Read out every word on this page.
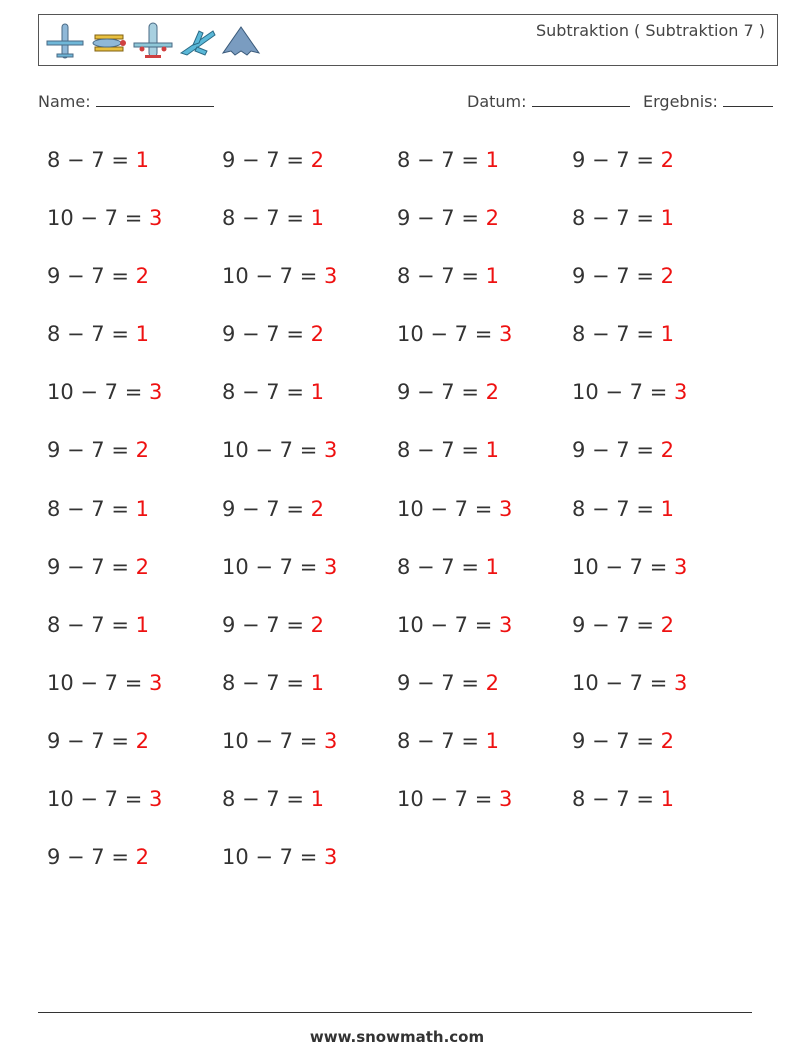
Subtraktion ( Subtraktion 7 )
Name:	Datum:	Ergebnis:
8 − 7 = 1	9 − 7 = 2	8 − 7 = 1	9 − 7 = 2
10 − 7 = 3	8 − 7 = 1	9 − 7 = 2	8 − 7 = 1
9 − 7 = 2	10 − 7 = 3	8 − 7 = 1	9 − 7 = 2
8 − 7 = 1	9 − 7 = 2	10 − 7 = 3	8 − 7 = 1
10 − 7 = 3	8 − 7 = 1	9 − 7 = 2	10 − 7 = 3
9 − 7 = 2	10 − 7 = 3	8 − 7 = 1	9 − 7 = 2
8 − 7 = 1	9 − 7 = 2	10 − 7 = 3	8 − 7 = 1
9 − 7 = 2	10 − 7 = 3	8 − 7 = 1	10 − 7 = 3
8 − 7 = 1	9 − 7 = 2	10 − 7 = 3	9 − 7 = 2
10 − 7 = 3	8 − 7 = 1	9 − 7 = 2	10 − 7 = 3
9 − 7 = 2	10 − 7 = 3	8 − 7 = 1	9 − 7 = 2
10 − 7 = 3	8 − 7 = 1	10 − 7 = 3	8 − 7 = 1
9 − 7 = 2	10 − 7 = 3
www.snowmath.com
